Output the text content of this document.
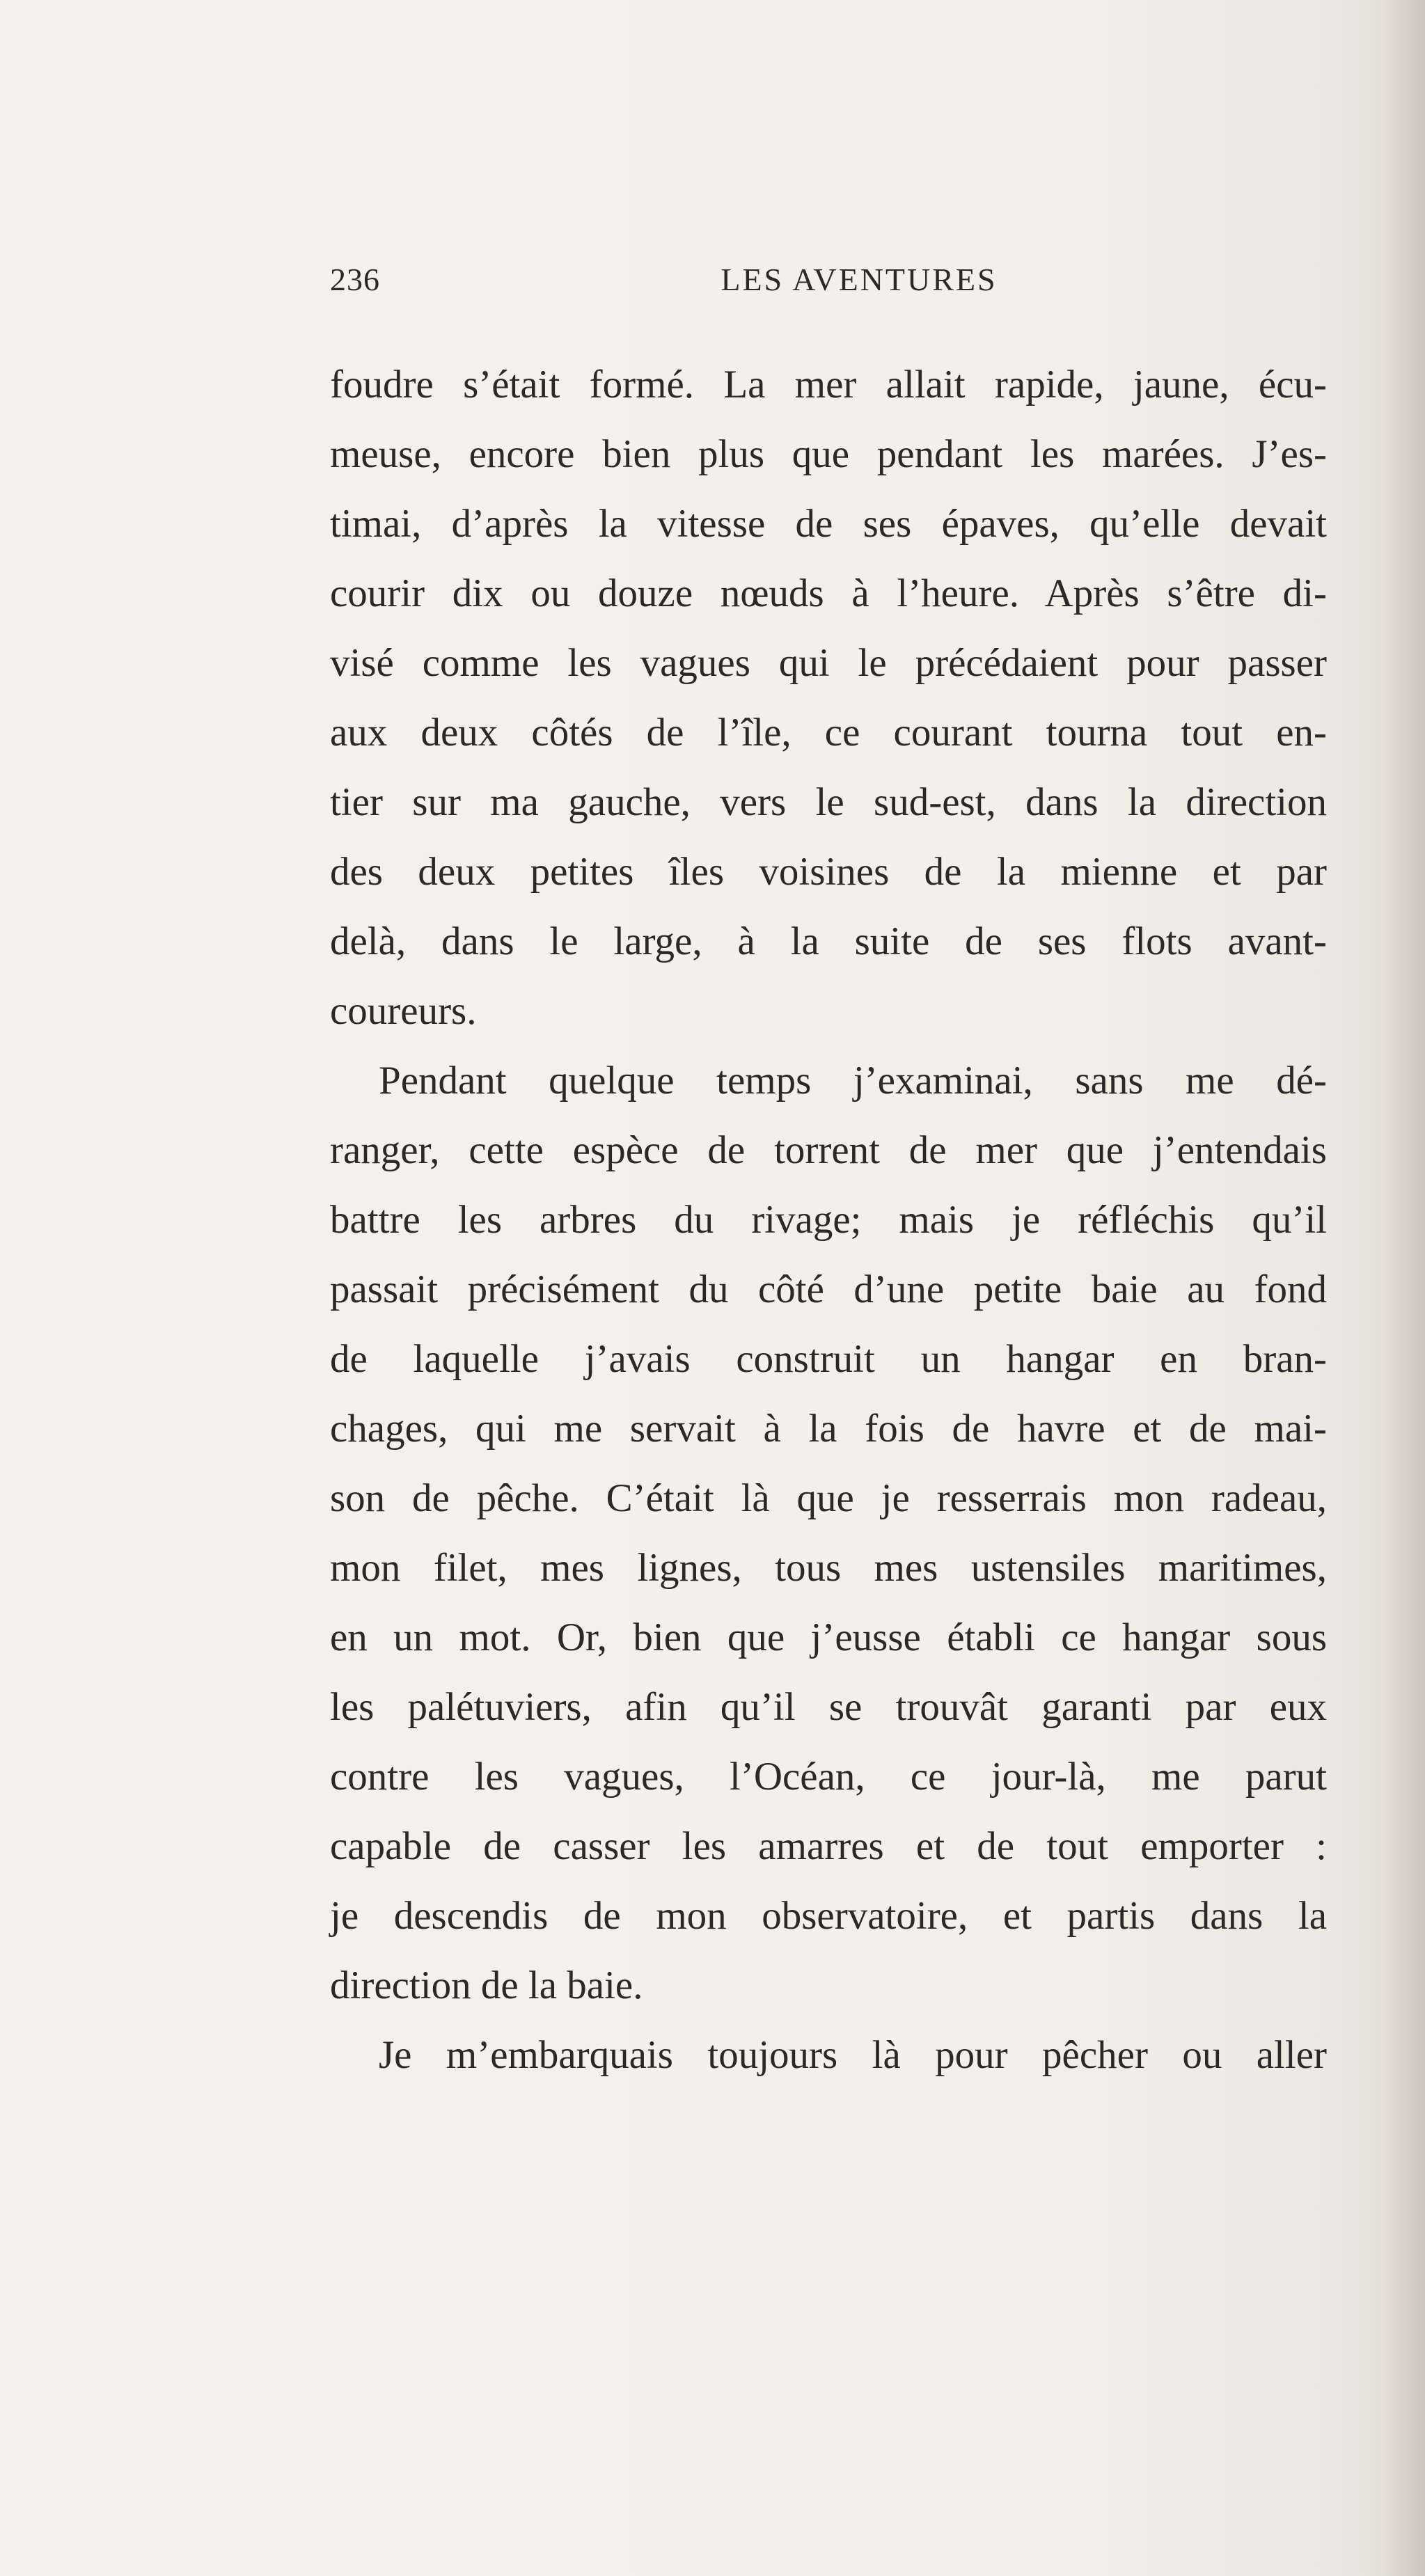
236	LES AVENTURES
foudre s’était formé. La mer allait rapide, jaune, écu-
meuse, encore bien plus que pendant les marées. J’es-
timai, d’après la vitesse de ses épaves, qu’elle devait
courir dix ou douze nœuds à l’heure. Après s’être di-
visé comme les vagues qui le précédaient pour passer
aux deux côtés de l’île, ce courant tourna tout en-
tier sur ma gauche, vers le sud-est, dans la direction
des deux petites îles voisines de la mienne et par
delà, dans le large, à la suite de ses flots avant-
coureurs.
Pendant quelque temps j’examinai, sans me dé-
ranger, cette espèce de torrent de mer que j’entendais
battre les arbres du rivage; mais je réfléchis qu’il
passait précisément du côté d’une petite baie au fond
de laquelle j’avais construit un hangar en bran-
chages, qui me servait à la fois de havre et de mai-
son de pêche. C’était là que je resserrais mon radeau,
mon filet, mes lignes, tous mes ustensiles maritimes,
en un mot. Or, bien que j’eusse établi ce hangar sous
les palétuviers, afin qu’il se trouvât garanti par eux
contre les vagues, l’Océan, ce jour-là, me parut
capable de casser les amarres et de tout emporter :
je descendis de mon observatoire, et partis dans la
direction de la baie.
Je m’embarquais toujours là pour pêcher ou aller
